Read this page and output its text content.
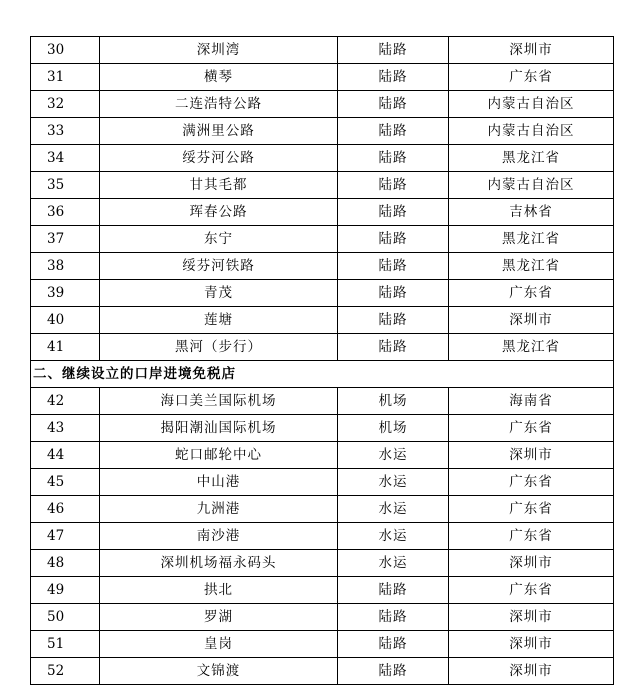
30	深圳湾	陆路	深圳市
31	横琴	陆路	广东省
32	二连浩特公路	陆路	内蒙古自治区
33	满洲里公路	陆路	内蒙古自治区
34	绥芬河公路	陆路	黑龙江省
35	甘其毛都	陆路	内蒙古自治区
36	珲春公路	陆路	吉林省
37	东宁	陆路	黑龙江省
38	绥芬河铁路	陆路	黑龙江省
39	青茂	陆路	广东省
40	莲塘	陆路	深圳市
41	黑河（步行）	陆路	黑龙江省
二、继续设立的口岸进境免税店			
42	海口美兰国际机场	机场	海南省
43	揭阳潮汕国际机场	机场	广东省
44	蛇口邮轮中心	水运	深圳市
45	中山港	水运	广东省
46	九洲港	水运	广东省
47	南沙港	水运	广东省
48	深圳机场福永码头	水运	深圳市
49	拱北	陆路	广东省
50	罗湖	陆路	深圳市
51	皇岗	陆路	深圳市
52	文锦渡	陆路	深圳市
